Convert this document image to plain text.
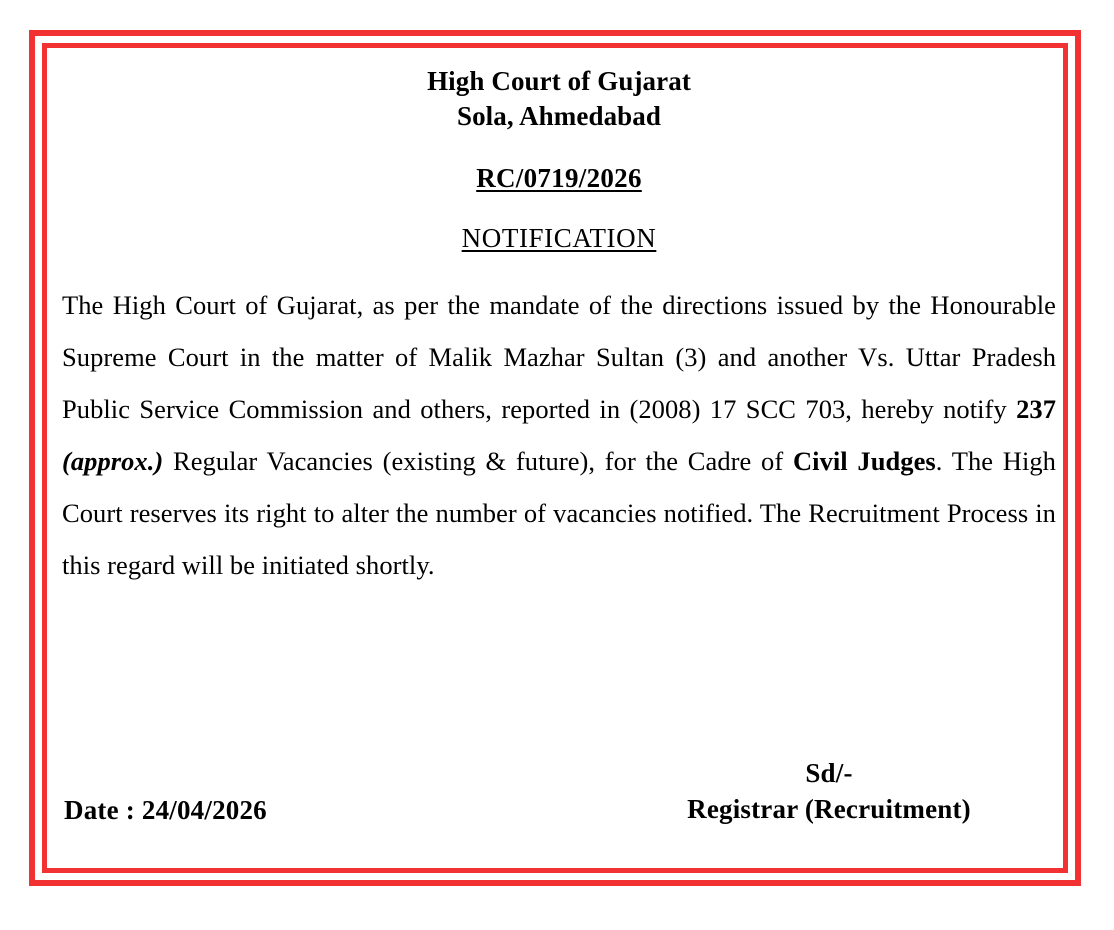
High Court of Gujarat
Sola, Ahmedabad
RC/0719/2026
NOTIFICATION

The High Court of Gujarat, as per the mandate of the directions issued by the Honourable Supreme Court in the matter of Malik Mazhar Sultan (3) and another Vs. Uttar Pradesh Public Service Commission and others, reported in (2008) 17 SCC 703, hereby notify 237 (approx.) Regular Vacancies (existing & future), for the Cadre of Civil Judges. The High Court reserves its right to alter the number of vacancies notified. The Recruitment Process in this regard will be initiated shortly.

Sd/-
Registrar (Recruitment)
Date : 24/04/2026
